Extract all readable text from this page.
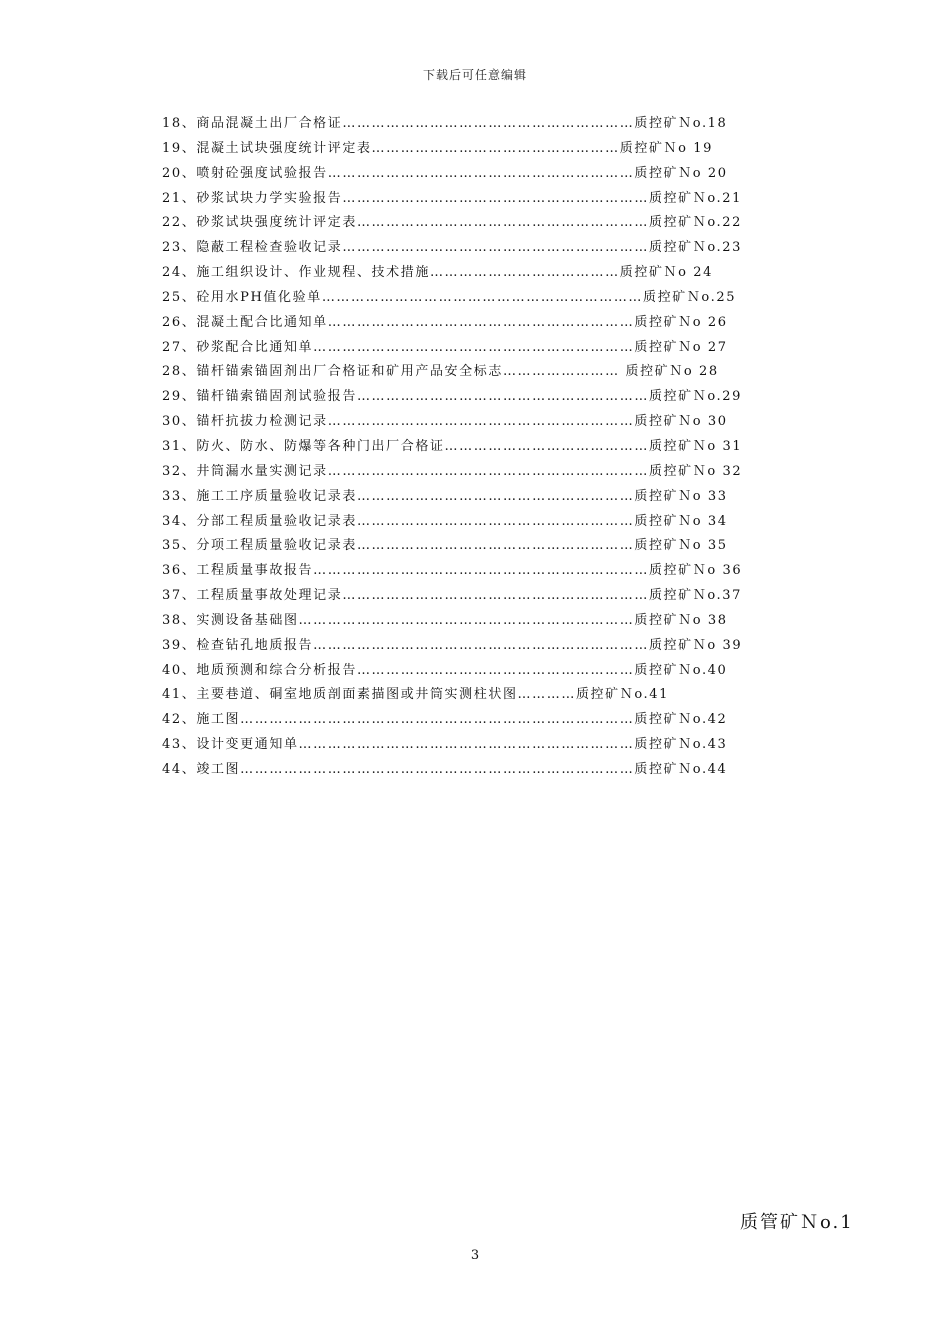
下载后可任意编辑
18、商品混凝土出厂合格证……………………………………………………质控矿Ｎo.18
19、混凝土试块强度统计评定表……………………………………………质控矿Ｎo 19
20、喷射砼强度试验报告………………………………………………………质控矿Ｎo 20
21、砂浆试块力学实验报告………………………………………………………质控矿Ｎo.21
22、砂浆试块强度统计评定表……………………………………………………质控矿Ｎo.22
23、隐蔽工程检查验收记录………………………………………………………质控矿Ｎo.23
24、施工组织设计、作业规程、技术措施…………………………………质控矿Ｎo 24
25、砼用水PH值化验单…………………………………………………………质控矿Ｎo.25
26、混凝土配合比通知单………………………………………………………质控矿Ｎo 26
27、砂浆配合比通知单…………………………………………………………质控矿Ｎo 27
28、锚杆锚索锚固剂出厂合格证和矿用产品安全标志…………………… 质控矿Ｎo 28
29、锚杆锚索锚固剂试验报告……………………………………………………质控矿Ｎo.29
30、锚杆抗拔力检测记录………………………………………………………质控矿Ｎo 30
31、防火、防水、防爆等各种门出厂合格证……………………………………质控矿Ｎo 31
32、井筒漏水量实测记录…………………………………………………………质控矿Ｎo 32
33、施工工序质量验收记录表…………………………………………………质控矿Ｎo 33
34、分部工程质量验收记录表…………………………………………………质控矿Ｎo 34
35、分项工程质量验收记录表…………………………………………………质控矿Ｎo 35
36、工程质量事故报告……………………………………………………………质控矿Ｎo 36
37、工程质量事故处理记录………………………………………………………质控矿Ｎo.37
38、实测设备基础图……………………………………………………………质控矿Ｎo 38
39、检查钻孔地质报告……………………………………………………………质控矿Ｎo 39
40、地质预测和综合分析报告…………………………………………………质控矿Ｎo.40
41、主要巷道、硐室地质剖面素描图或井筒实测柱状图…………质控矿Ｎo.41
42、施工图………………………………………………………………………质控矿Ｎo.42
43、设计变更通知单……………………………………………………………质控矿Ｎo.43
44、竣工图………………………………………………………………………质控矿Ｎo.44
质管矿Ｎo.1
3
